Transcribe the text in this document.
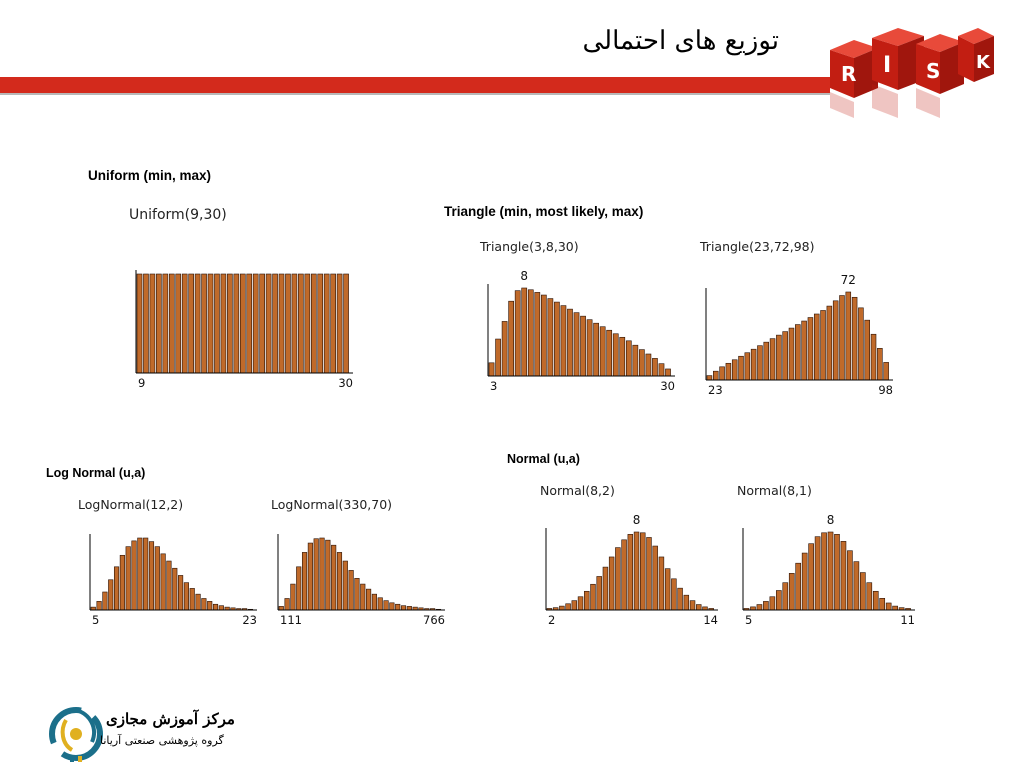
توزیع های احتمالی
R I S K
Uniform (min, max)
Triangle (min, most likely, max)
Log Normal (u,a)
Normal (u,a)
Uniform(9,30)
Triangle(3,8,30)	Triangle(23,72,98)
LogNormal(12,2)	LogNormal(330,70)
Normal(8,2)	Normal(8,1)
9	30	3	30
8
23	98
72
5	23 111	766	2	14
8
5	11
8
مرکز آموزش مجازی
گروه پژوهشی صنعتی آریانا
